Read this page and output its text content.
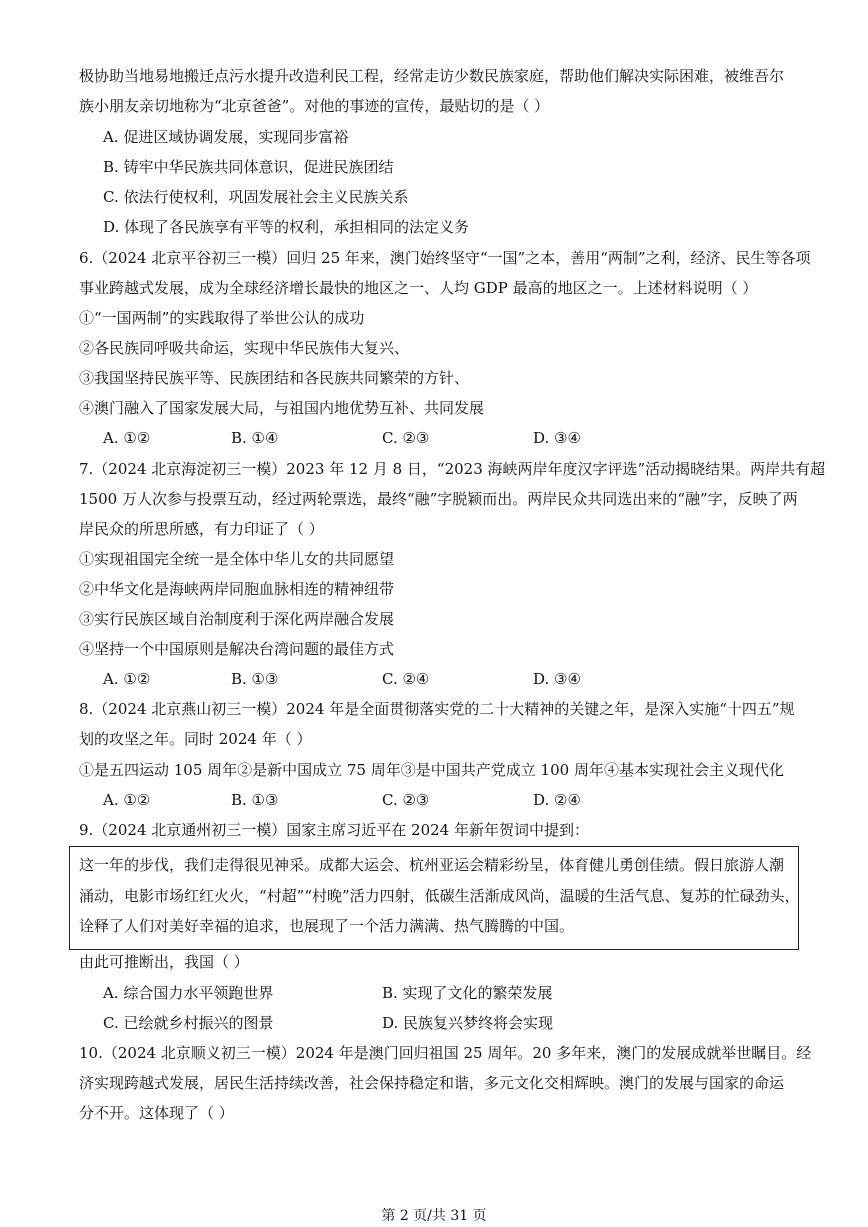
极协助当地易地搬迁点污水提升改造利民工程，经常走访少数民族家庭，帮助他们解决实际困难，被维吾尔
族小朋友亲切地称为“北京爸爸”。对他的事迹的宣传，最贴切的是（ ）
A. 促进区域协调发展，实现同步富裕
B. 铸牢中华民族共同体意识，促进民族团结
C. 依法行使权利，巩固发展社会主义民族关系
D. 体现了各民族享有平等的权利，承担相同的法定义务
6.（2024 北京平谷初三一模）回归 25 年来，澳门始终坚守“一国”之本，善用“两制”之利，经济、民生等各项
事业跨越式发展，成为全球经济增长最快的地区之一、人均 GDP 最高的地区之一。上述材料说明（ ）
①“一国两制”的实践取得了举世公认的成功
②各民族同呼吸共命运，实现中华民族伟大复兴、
③我国坚持民族平等、民族团结和各民族共同繁荣的方针、
④澳门融入了国家发展大局，与祖国内地优势互补、共同发展
A. ①②	B. ①④	C. ②③	D. ③④
7.（2024 北京海淀初三一模）2023 年 12 月 8 日，“2023 海峡两岸年度汉字评选”活动揭晓结果。两岸共有超
1500 万人次参与投票互动，经过两轮票选，最终“融”字脱颖而出。两岸民众共同选出来的“融”字，反映了两
岸民众的所思所感，有力印证了（ ）
①实现祖国完全统一是全体中华儿女的共同愿望
②中华文化是海峡两岸同胞血脉相连的精神纽带
③实行民族区域自治制度利于深化两岸融合发展
④坚持一个中国原则是解决台湾问题的最佳方式
A. ①②	B. ①③	C. ②④	D. ③④
8.（2024 北京燕山初三一模）2024 年是全面贯彻落实党的二十大精神的关键之年，是深入实施“十四五”规
划的攻坚之年。同时 2024 年（ ）
①是五四运动 105 周年②是新中国成立 75 周年③是中国共产党成立 100 周年④基本实现社会主义现代化
A. ①②	B. ①③	C. ②③	D. ②④
9.（2024 北京通州初三一模）国家主席习近平在 2024 年新年贺词中提到：
这一年的步伐，我们走得很见神采。成都大运会、杭州亚运会精彩纷呈，体育健儿勇创佳绩。假日旅游人潮
涌动，电影市场红红火火，“村超”“村晚”活力四射，低碳生活渐成风尚，温暖的生活气息、复苏的忙碌劲头，
诠释了人们对美好幸福的追求，也展现了一个活力满满、热气腾腾的中国。
由此可推断出，我国（ ）
A. 综合国力水平领跑世界	B. 实现了文化的繁荣发展
C. 已绘就乡村振兴的图景	D. 民族复兴梦终将会实现
10.（2024 北京顺义初三一模）2024 年是澳门回归祖国 25 周年。20 多年来，澳门的发展成就举世瞩目。经
济实现跨越式发展，居民生活持续改善，社会保持稳定和谐，多元文化交相辉映。澳门的发展与国家的命运
分不开。这体现了（ ）
第 2 页/共 31 页
